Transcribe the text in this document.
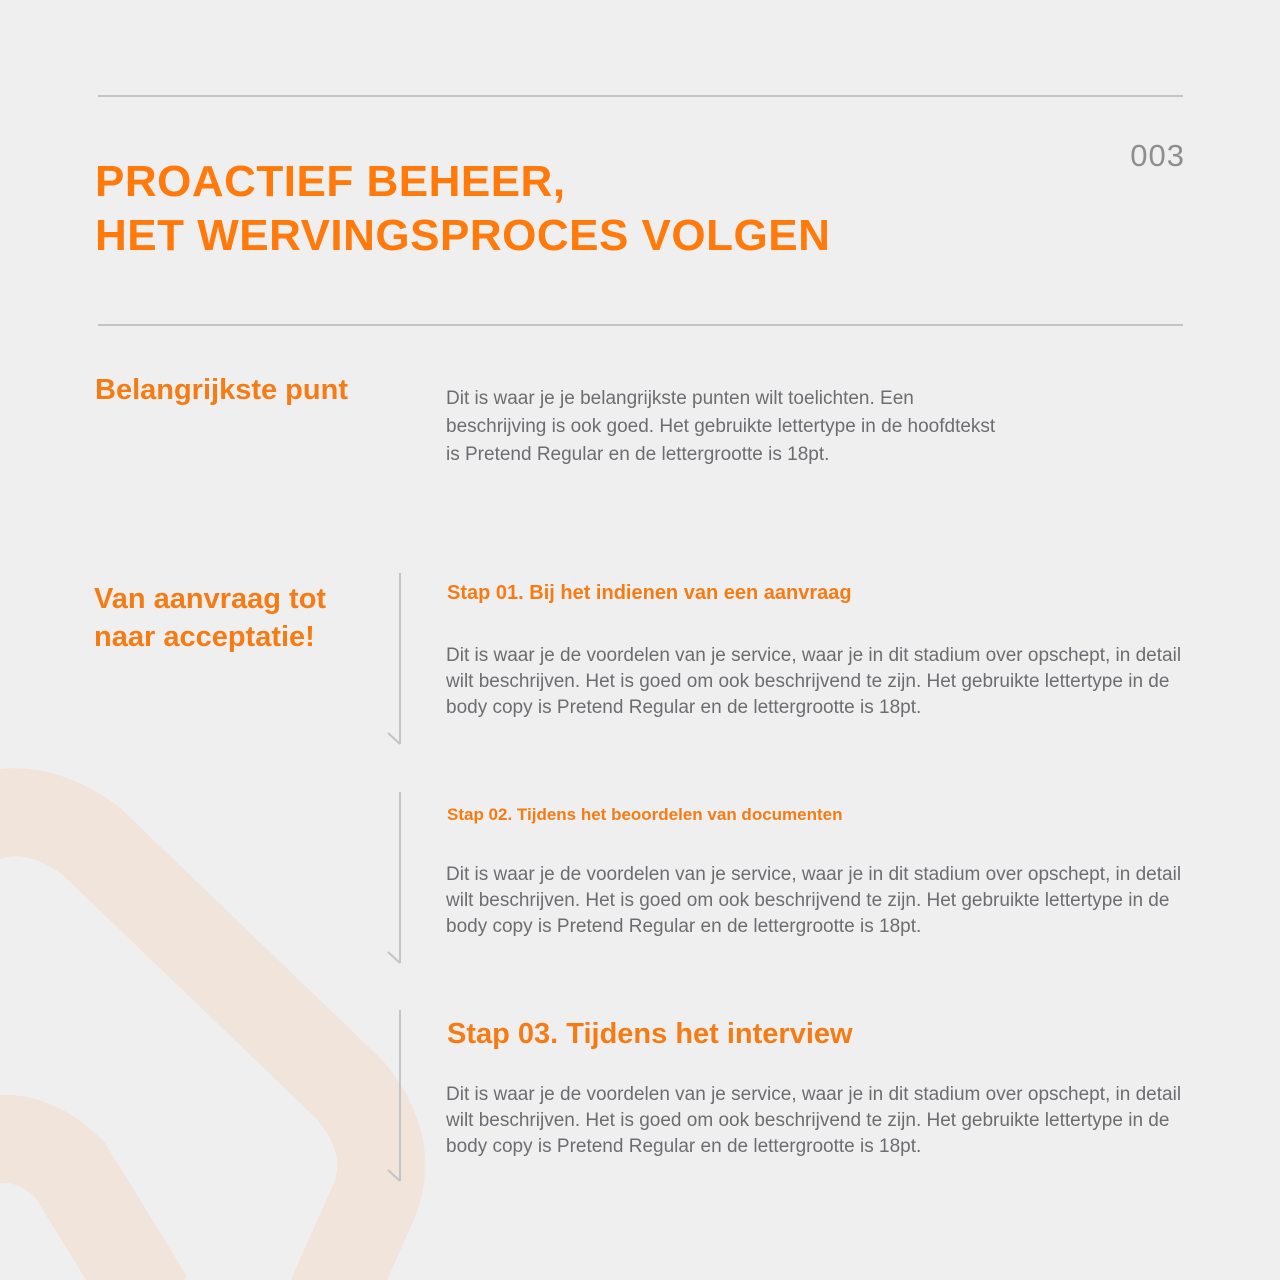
003
PROACTIEF BEHEER,
HET WERVINGSPROCES VOLGEN
Belangrijkste punt	Dit is waar je je belangrijkste punten wilt toelichten. Een beschrijving is ook goed. Het gebruikte lettertype in de hoofdtekst is Pretend Regular en de lettergrootte is 18pt.

Van aanvraag tot naar acceptatie!
Stap 01. Bij het indienen van een aanvraag

Dit is waar je de voordelen van je service, waar je in dit stadium over opschept, in detail wilt beschrijven. Het is goed om ook beschrijvend te zijn. Het gebruikte lettertype in de body copy is Pretend Regular en de lettergrootte is 18pt.

Stap 02. Tijdens het beoordelen van documenten

Dit is waar je de voordelen van je service, waar je in dit stadium over opschept, in detail wilt beschrijven. Het is goed om ook beschrijvend te zijn. Het gebruikte lettertype in de body copy is Pretend Regular en de lettergrootte is 18pt.

Stap 03. Tijdens het interview

Dit is waar je de voordelen van je service, waar je in dit stadium over opschept, in detail wilt beschrijven. Het is goed om ook beschrijvend te zijn. Het gebruikte lettertype in de body copy is Pretend Regular en de lettergrootte is 18pt.
